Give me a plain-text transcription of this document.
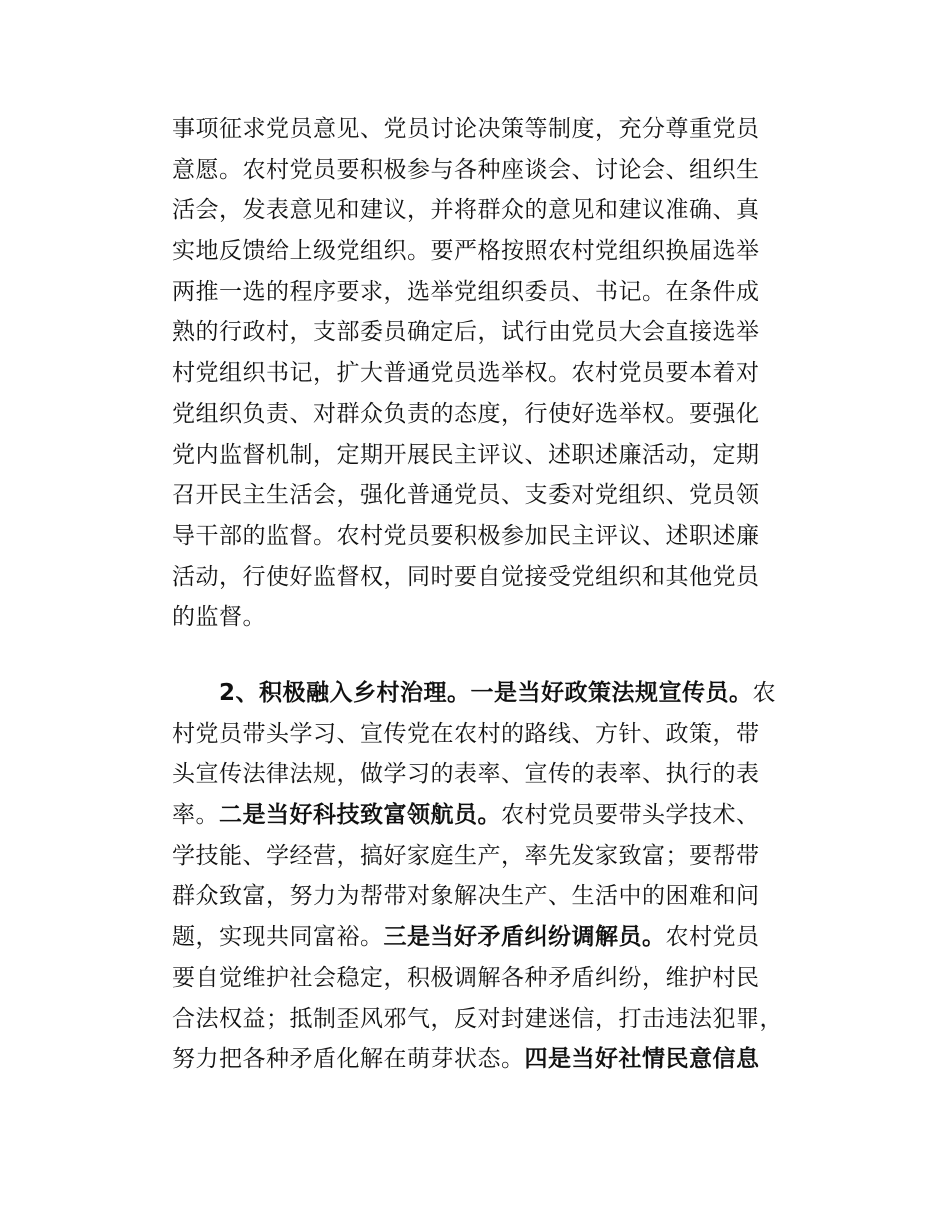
事项征求党员意见、党员讨论决策等制度，充分尊重党员
意愿。农村党员要积极参与各种座谈会、讨论会、组织生
活会，发表意见和建议，并将群众的意见和建议准确、真
实地反馈给上级党组织。要严格按照农村党组织换届选举
两推一选的程序要求，选举党组织委员、书记。在条件成
熟的行政村，支部委员确定后，试行由党员大会直接选举
村党组织书记，扩大普通党员选举权。农村党员要本着对
党组织负责、对群众负责的态度，行使好选举权。要强化
党内监督机制，定期开展民主评议、述职述廉活动，定期
召开民主生活会，强化普通党员、支委对党组织、党员领
导干部的监督。农村党员要积极参加民主评议、述职述廉
活动，行使好监督权，同时要自觉接受党组织和其他党员
的监督。
　　2、积极融入乡村治理。一是当好政策法规宣传员。农
村党员带头学习、宣传党在农村的路线、方针、政策，带
头宣传法律法规，做学习的表率、宣传的表率、执行的表
率。二是当好科技致富领航员。农村党员要带头学技术、
学技能、学经营，搞好家庭生产，率先发家致富；要帮带
群众致富，努力为帮带对象解决生产、生活中的困难和问
题，实现共同富裕。三是当好矛盾纠纷调解员。农村党员
要自觉维护社会稳定，积极调解各种矛盾纠纷，维护村民
合法权益；抵制歪风邪气，反对封建迷信，打击违法犯罪，
努力把各种矛盾化解在萌芽状态。四是当好社情民意信息
